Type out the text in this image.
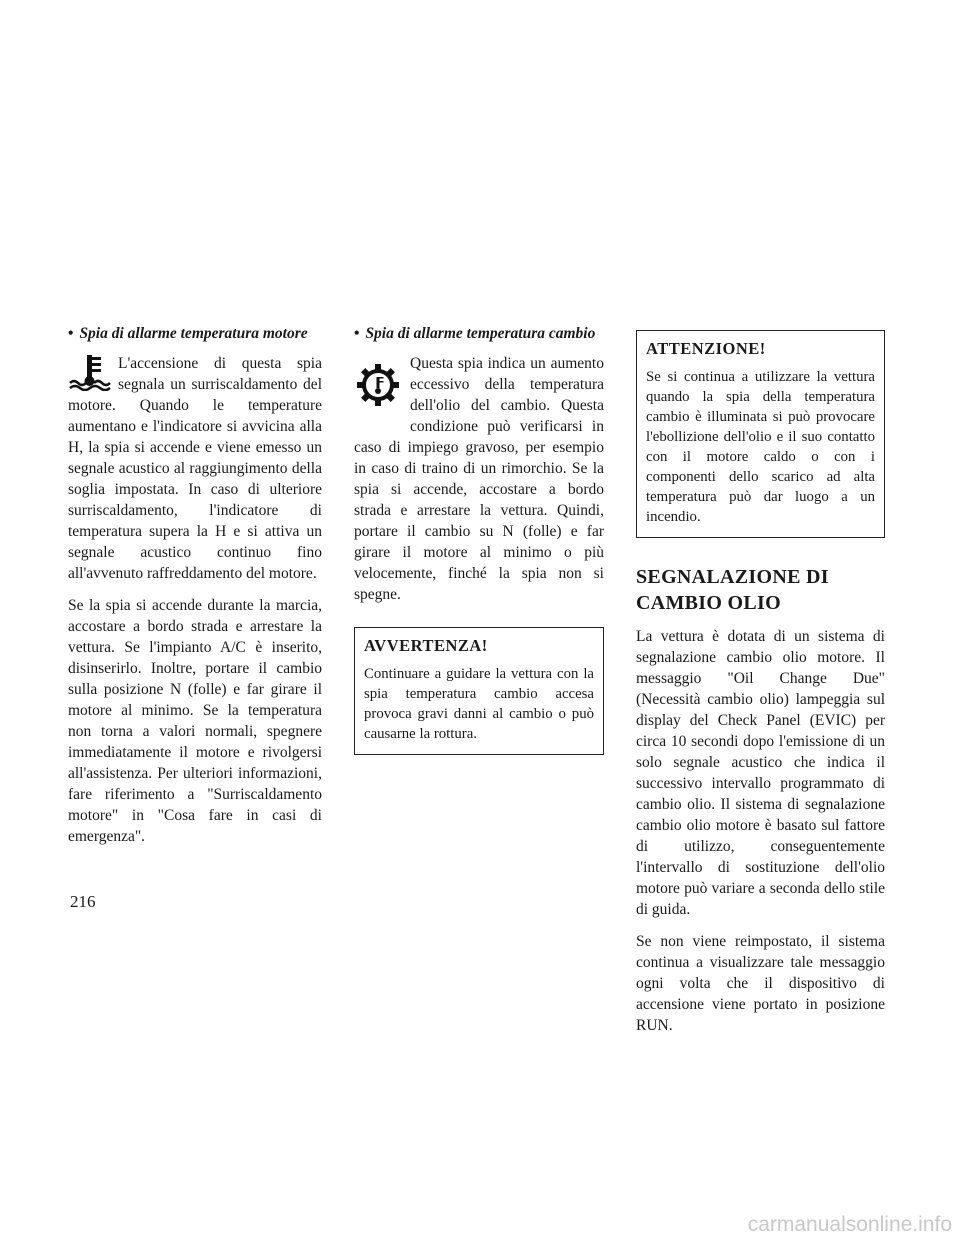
• Spia di allarme temperatura motore

L'accensione di questa spia segnala un surriscaldamento del motore. Quando le temperature aumentano e l'indicatore si avvicina alla H, la spia si accende e viene emesso un segnale acustico al raggiungimento della soglia impostata. In caso di ulteriore surriscaldamento, l'indicatore di temperatura supera la H e si attiva un segnale acustico continuo fino all'avvenuto raffreddamento del motore.

Se la spia si accende durante la marcia, accostare a bordo strada e arrestare la vettura. Se l'impianto A/C è inserito, disinserirlo. Inoltre, portare il cambio sulla posizione N (folle) e far girare il motore al minimo. Se la temperatura non torna a valori normali, spegnere immediatamente il motore e rivolgersi all'assistenza. Per ulteriori informazioni, fare riferimento a "Surriscaldamento motore" in "Cosa fare in casi di emergenza".

• Spia di allarme temperatura cambio

Questa spia indica un aumento eccessivo della temperatura dell'olio del cambio. Questa condizione può verificarsi in caso di impiego gravoso, per esempio in caso di traino di un rimorchio. Se la spia si accende, accostare a bordo strada e arrestare la vettura. Quindi, portare il cambio su N (folle) e far girare il motore al minimo o più velocemente, finché la spia non si spegne.

AVVERTENZA!

Continuare a guidare la vettura con la spia temperatura cambio accesa provoca gravi danni al cambio o può causarne la rottura.

ATTENZIONE!

Se si continua a utilizzare la vettura quando la spia della temperatura cambio è illuminata si può provocare l'ebollizione dell'olio e il suo contatto con il motore caldo o con i componenti dello scarico ad alta temperatura può dar luogo a un incendio.

SEGNALAZIONE DI
CAMBIO OLIO

La vettura è dotata di un sistema di segnalazione cambio olio motore. Il messaggio "Oil Change Due" (Necessità cambio olio) lampeggia sul display del Check Panel (EVIC) per circa 10 secondi dopo l'emissione di un solo segnale acustico che indica il successivo intervallo programmato di cambio olio. Il sistema di segnalazione cambio olio motore è basato sul fattore di utilizzo, conseguentemente l'intervallo di sostituzione dell'olio motore può variare a seconda dello stile di guida.

Se non viene reimpostato, il sistema continua a visualizzare tale messaggio ogni volta che il dispositivo di accensione viene portato in posizione RUN.

216
carmanualsonline.info
